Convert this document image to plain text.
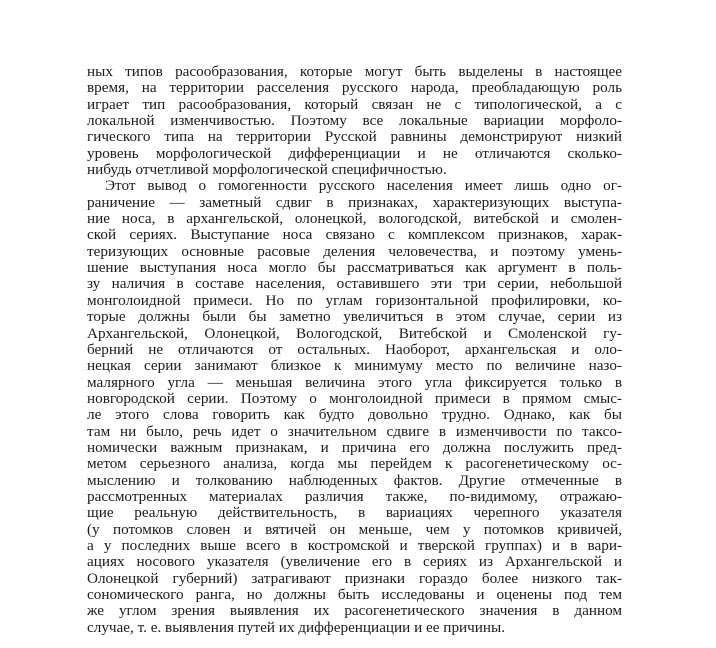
ных типов расообразования, которые могут быть выделены в настоящее
время, на территории расселения русского народа, преобладающую роль
играет тип расообразования, который связан не с типологической, а с
локальной изменчивостью. Поэтому все локальные вариации морфоло-
гического типа на территории Русской равнины демонстрируют низкий
уровень морфологической дифференциации и не отличаются сколько-
нибудь отчетливой морфологической специфичностью.
Этот вывод о гомогенности русского населения имеет лишь одно ог-
раничение — заметный сдвиг в признаках, характеризующих выступа-
ние носа, в архангельской, олонецкой, вологодской, витебской и смолен-
ской сериях. Выступание носа связано с комплексом признаков, харак-
теризующих основные расовые деления человечества, и поэтому умень-
шение выступания носа могло бы рассматриваться как аргумент в поль-
зу наличия в составе населения, оставившего эти три серии, небольшой
монголоидной примеси. Но по углам горизонтальной профилировки, ко-
торые должны были бы заметно увеличиться в этом случае, серии из
Архангельской, Олонецкой, Вологодской, Витебской и Смоленской гу-
берний не отличаются от остальных. Наоборот, архангельская и оло-
нецкая серии занимают близкое к минимуму место по величине назо-
малярного угла — меньшая величина этого угла фиксируется только в
новгородской серии. Поэтому о монголоидной примеси в прямом смыс-
ле этого слова говорить как будто довольно трудно. Однако, как бы
там ни было, речь идет о значительном сдвиге в изменчивости по таксо-
номически важным признакам, и причина его должна послужить пред-
метом серьезного анализа, когда мы перейдем к расогенетическому ос-
мыслению и толкованию наблюденных фактов. Другие отмеченные в
рассмотренных материалах различия также, по-видимому, отражаю-
щие реальную действительность, в вариациях черепного указателя
(у потомков словен и вятичей он меньше, чем у потомков кривичей,
а у последних выше всего в костромской и тверской группах) и в вари-
ациях носового указателя (увеличение его в сериях из Архангельской и
Олонецкой губерний) затрагивают признаки гораздо более низкого так-
сономического ранга, но должны быть исследованы и оценены под тем
же углом зрения выявления их расогенетического значения в данном
случае, т. е. выявления путей их дифференциации и ее причины.
